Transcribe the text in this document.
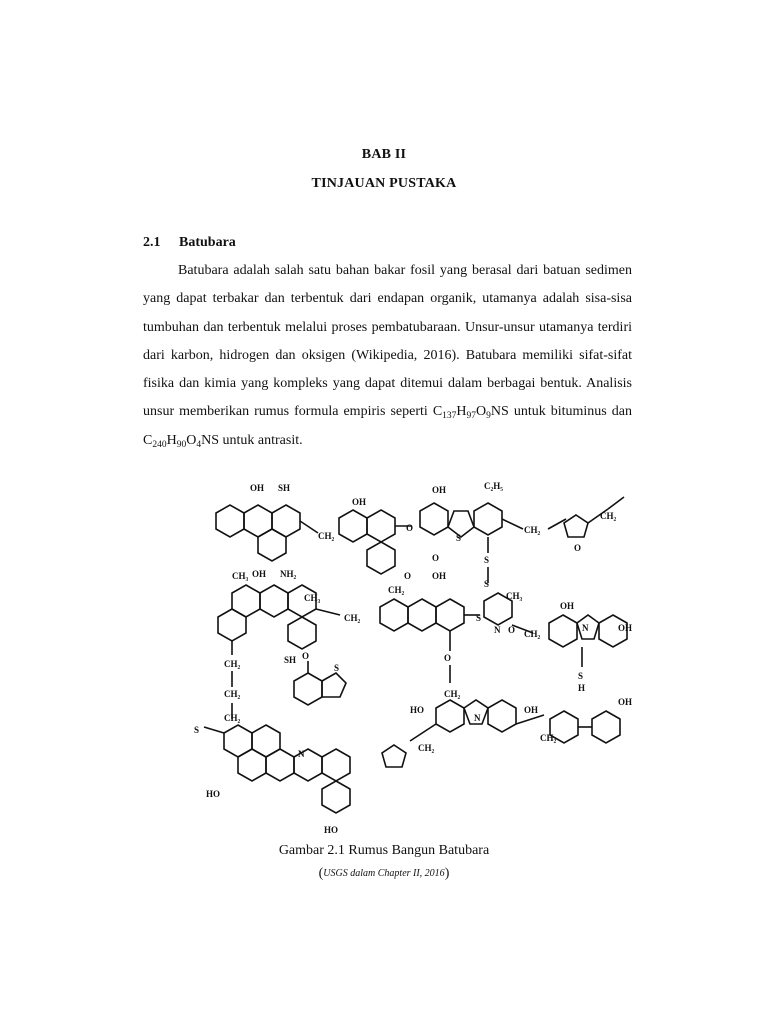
BAB II
TINJAUAN PUSTAKA
2.1 Batubara
Batubara adalah salah satu bahan bakar fosil yang berasal dari batuan sedimen
yang dapat terbakar dan terbentuk dari endapan organik, utamanya adalah sisa-sisa
tumbuhan dan terbentuk melalui proses pembatubaraan. Unsur-unsur utamanya terdiri
dari karbon, hidrogen dan oksigen (Wikipedia, 2016). Batubara memiliki sifat-sifat
fisika dan kimia yang kompleks yang dapat ditemui dalam berbagai bentuk. Analisis
unsur memberikan rumus formula empiris seperti $C_{137}H_{97}O_9NS$ untuk bituminus dan
$C_{240}H_{90}O_4NS$ untuk antrasit.
OH SH
OH NH₂
CH₂
OH
O
O
OH	C₂H₅
S
O
OH
CH₂
CH₂
O
S
S
CH₃
CH₃
SH
CH₂
CH₂
S
CH₃
N O CH₂
OH
N	OH
S
H
S
O
CH₂
CH₂
CH₂
S
O
CH₂
HO
N
OH
CH₂
CH₂
OH
N
HO
HO
Gambar 2.1 Rumus Bangun Batubara
(USGS dalam Chapter II, 2016)
